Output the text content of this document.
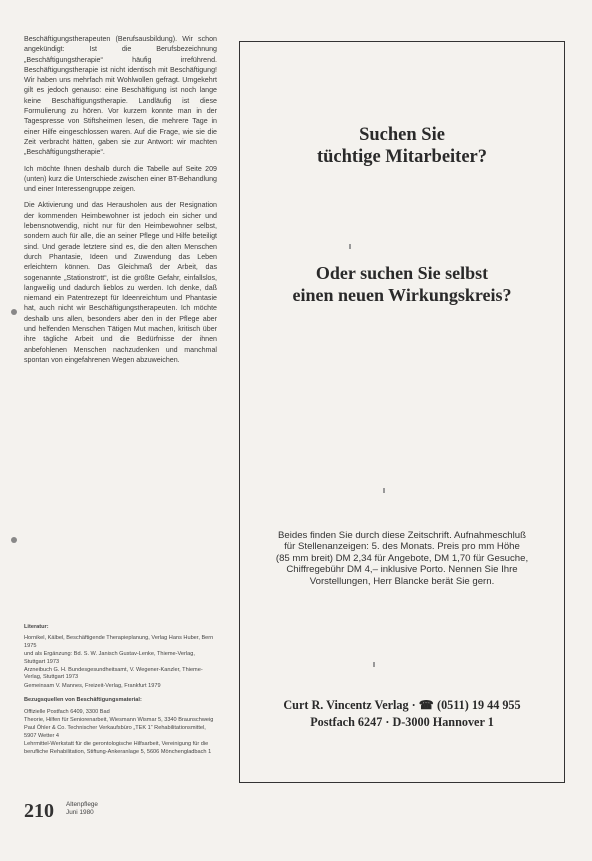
Beschäftigungstherapeuten (Berufsausbildung). Wir schon angekündigt: Ist die Berufsbezeichnung „Beschäftigungstherapie“ häufig irreführend. Beschäftigungstherapie ist nicht identisch mit Beschäftigung! Wir haben uns mehrfach mit Wohlwollen gefragt. Umgekehrt gilt es jedoch genauso: eine Beschäftigung ist noch lange keine Beschäftigungstherapie. Landläufig ist diese Formulierung zu hören. Vor kurzem konnte man in der Tagespresse von Stiftsheimen lesen, die mehrere Tage in einer Hilfe eingeschlossen waren. Auf die Frage, wie sie die Zeit verbracht hätten, gaben sie zur Antwort: wir machten „Beschäftigungstherapie“.

Ich möchte Ihnen deshalb durch die Tabelle auf Seite 209 (unten) kurz die Unterschiede zwischen einer BT-Behandlung und einer Interessengruppe zeigen.

Die Aktivierung und das Herausholen aus der Resignation der kommenden Heimbewohner ist jedoch ein sicher und lebensnotwendig, nicht nur für den Heimbewohner selbst, sondern auch für alle, die an seiner Pflege und Hilfe beteiligt sind. Und gerade letztere sind es, die den alten Menschen durch Phantasie, Ideen und Zuwendung das Leben erleichtern können. Das Gleichmaß der Arbeit, das sogenannte „Stationstrott“, ist die größte Gefahr, einfallslos, langweilig und dadurch lieblos zu werden. Ich denke, daß niemand ein Patentrezept für Ideenreichtum und Phantasie hat, auch nicht wir Beschäftigungstherapeuten. Ich möchte deshalb uns allen, besonders aber den in der Pflege aber und helfenden Menschen Tätigen Mut machen, kritisch über ihre tägliche Arbeit und die Bedürfnisse der ihnen anbefohlenen Menschen nachzudenken und manchmal spontan von eingefahrenen Wegen abzuweichen.

Literatur:
Hornikel, Kälbel, Beschäftigende Therapieplanung, Verlag Hans Huber, Bern 1975
und als Ergänzung: Bd. S. W. Janisch Gustav-Lenke, Thieme-Verlag, Stuttgart 1973
Arzneibuch G. H. Bundesgesundheitsamt, V. Wegener-Kanzler, Thieme-Verlag, Stuttgart 1973
Gemeinsam V. Mannes, Freizeit-Verlag, Frankfurt 1979
Bezugsquellen von Beschäftigungsmaterial:
Offizielle Postfach 6409, 3300 Bad
Theorie, Hilfen für Seniorenarbeit, Wiesmann Wismar 5, 3340 Braunschweig
Paul Öhler & Co. Technischer Verkaufsbüro „TEK 1“ Rehabilitationsmittel, 5907 Wetter 4
Lehrmittel-Werkstatt für die gerontologische Hilfsarbeit, Vereinigung für die berufliche Rehabilitation, Stiftung-Ankeranlage 5, 5606 Mönchengladbach 1
210 Altenpflege
Juni 1980
Suchen Sie
tüchtige Mitarbeiter?
Oder suchen Sie selbst
einen neuen Wirkungskreis?
Beides finden Sie durch diese Zeitschrift. Aufnahmeschluß
für Stellenanzeigen: 5. des Monats. Preis pro mm Höhe
(85 mm breit) DM 2,34 für Angebote, DM 1,70 für Gesuche,
Chiffregebühr DM 4,– inklusive Porto. Nennen Sie Ihre
Vorstellungen, Herr Blancke berät Sie gern.
Curt R. Vincentz Verlag · ☎ (0511) 19 44 955
Postfach 6247 · D-3000 Hannover 1
